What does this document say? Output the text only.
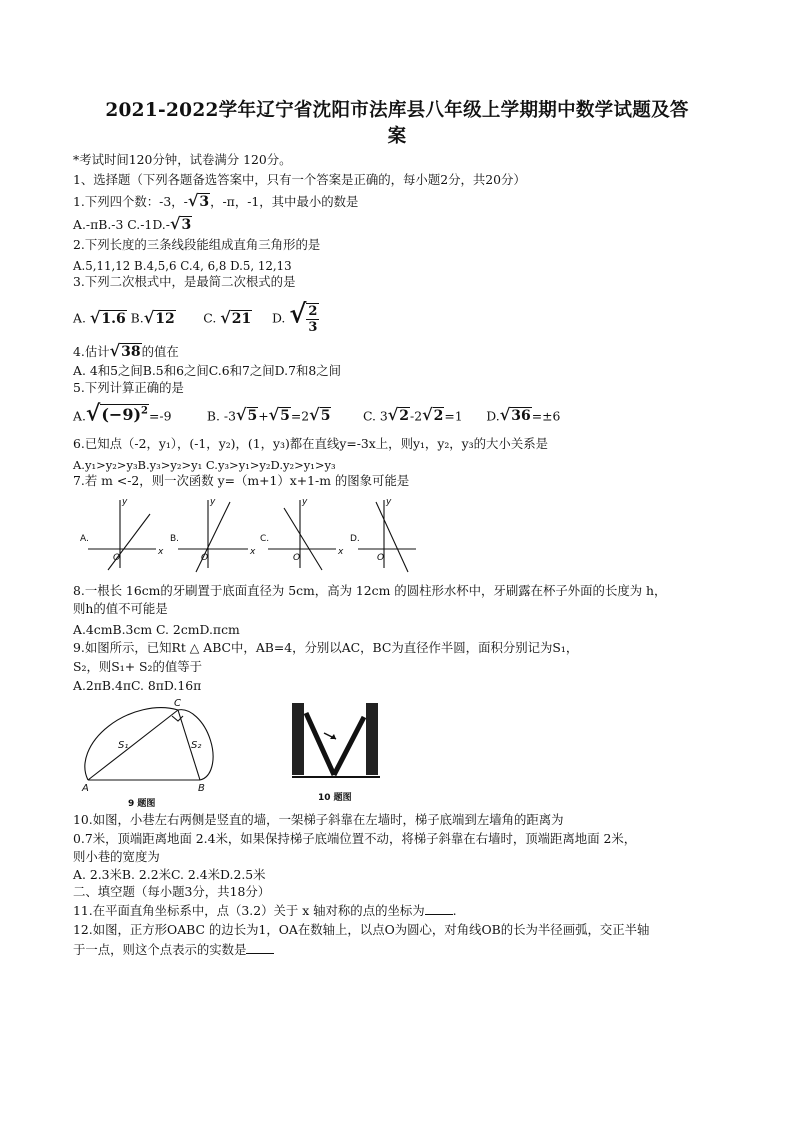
2021-2022学年辽宁省沈阳市法库县八年级上学期期中数学试题及答
案
*考试时间120分钟，试卷满分 120分。
1、选择题（下列各题备选答案中，只有一个答案是正确的，每小题2分，共20分）
1.下列四个数：-3，-√3，-π，-1，其中最小的数是
A.-πB.-3 C.-1D.-√3
2.下列长度的三条线段能组成直角三角形的是
A.5,11,12 B.4,5,6 C.4, 6,8 D.5, 12,13
3.下列二次根式中，是最简二次根式的是
A. √1.6 B.√12 C. √21 D. √ $\frac{2}{3}$
4.估计√38的值在
A. 4和5之间B.5和6之间C.6和7之间D.7和8之间
5.下列计算正确的是
$A.√(-9)^2=-9$	B. -3√5+√5=2√5	C. 3√2-2√2=1 D.√36=±6
6.已知点（-2，y₁），(-1，y₂)，(1，y₃)都在直线y=-3x上，则y₁，y₂，y₃的大小关系是
A.y₁>y₂>y₃B.y₃>y₂>y₁ C.y₃>y₁>y₂D.y₂>y₁>y₃
7.若 m <-2，则一次函数 y=（m+1）x+1-m 的图象可能是
A.	B.	C.	D.
O	O	O	O
x	x	x
y	y	y	y
8.一根长 16cm的牙刷置于底面直径为 5cm，高为 12cm 的圆柱形水杯中，牙刷露在杯子外面的长度为 h，
则h的值不可能是
A.4cmB.3cm C. 2cmD.πcm
9.如图所示，已知Rt △ ABC中，AB=4，分别以AC，BC为直径作半圆，面积分别记为S₁，
S₂，则S₁+ S₂的值等于
A.2πB.4πC. 8πD.16π
A	B
C
S₁	S₂
9 题图
10 题图
10.如图，小巷左右两侧是竖直的墙，一架梯子斜靠在左墙时，梯子底端到左墙角的距离为
0.7米，顶端距离地面 2.4米，如果保持梯子底端位置不动，将梯子斜靠在右墙时，顶端距离地面 2米，
则小巷的宽度为
A. 2.3米B. 2.2米C. 2.4米D.2.5米
二、填空题（每小题3分，共18分）
11.在平面直角坐标系中，点（3.2）关于 x 轴对称的点的坐标为 .
12.如图，正方形OABC 的边长为1，OA在数轴上，以点O为圆心，对角线OB的长为半径画弧，交正半轴
于一点，则这个点表示的实数是
